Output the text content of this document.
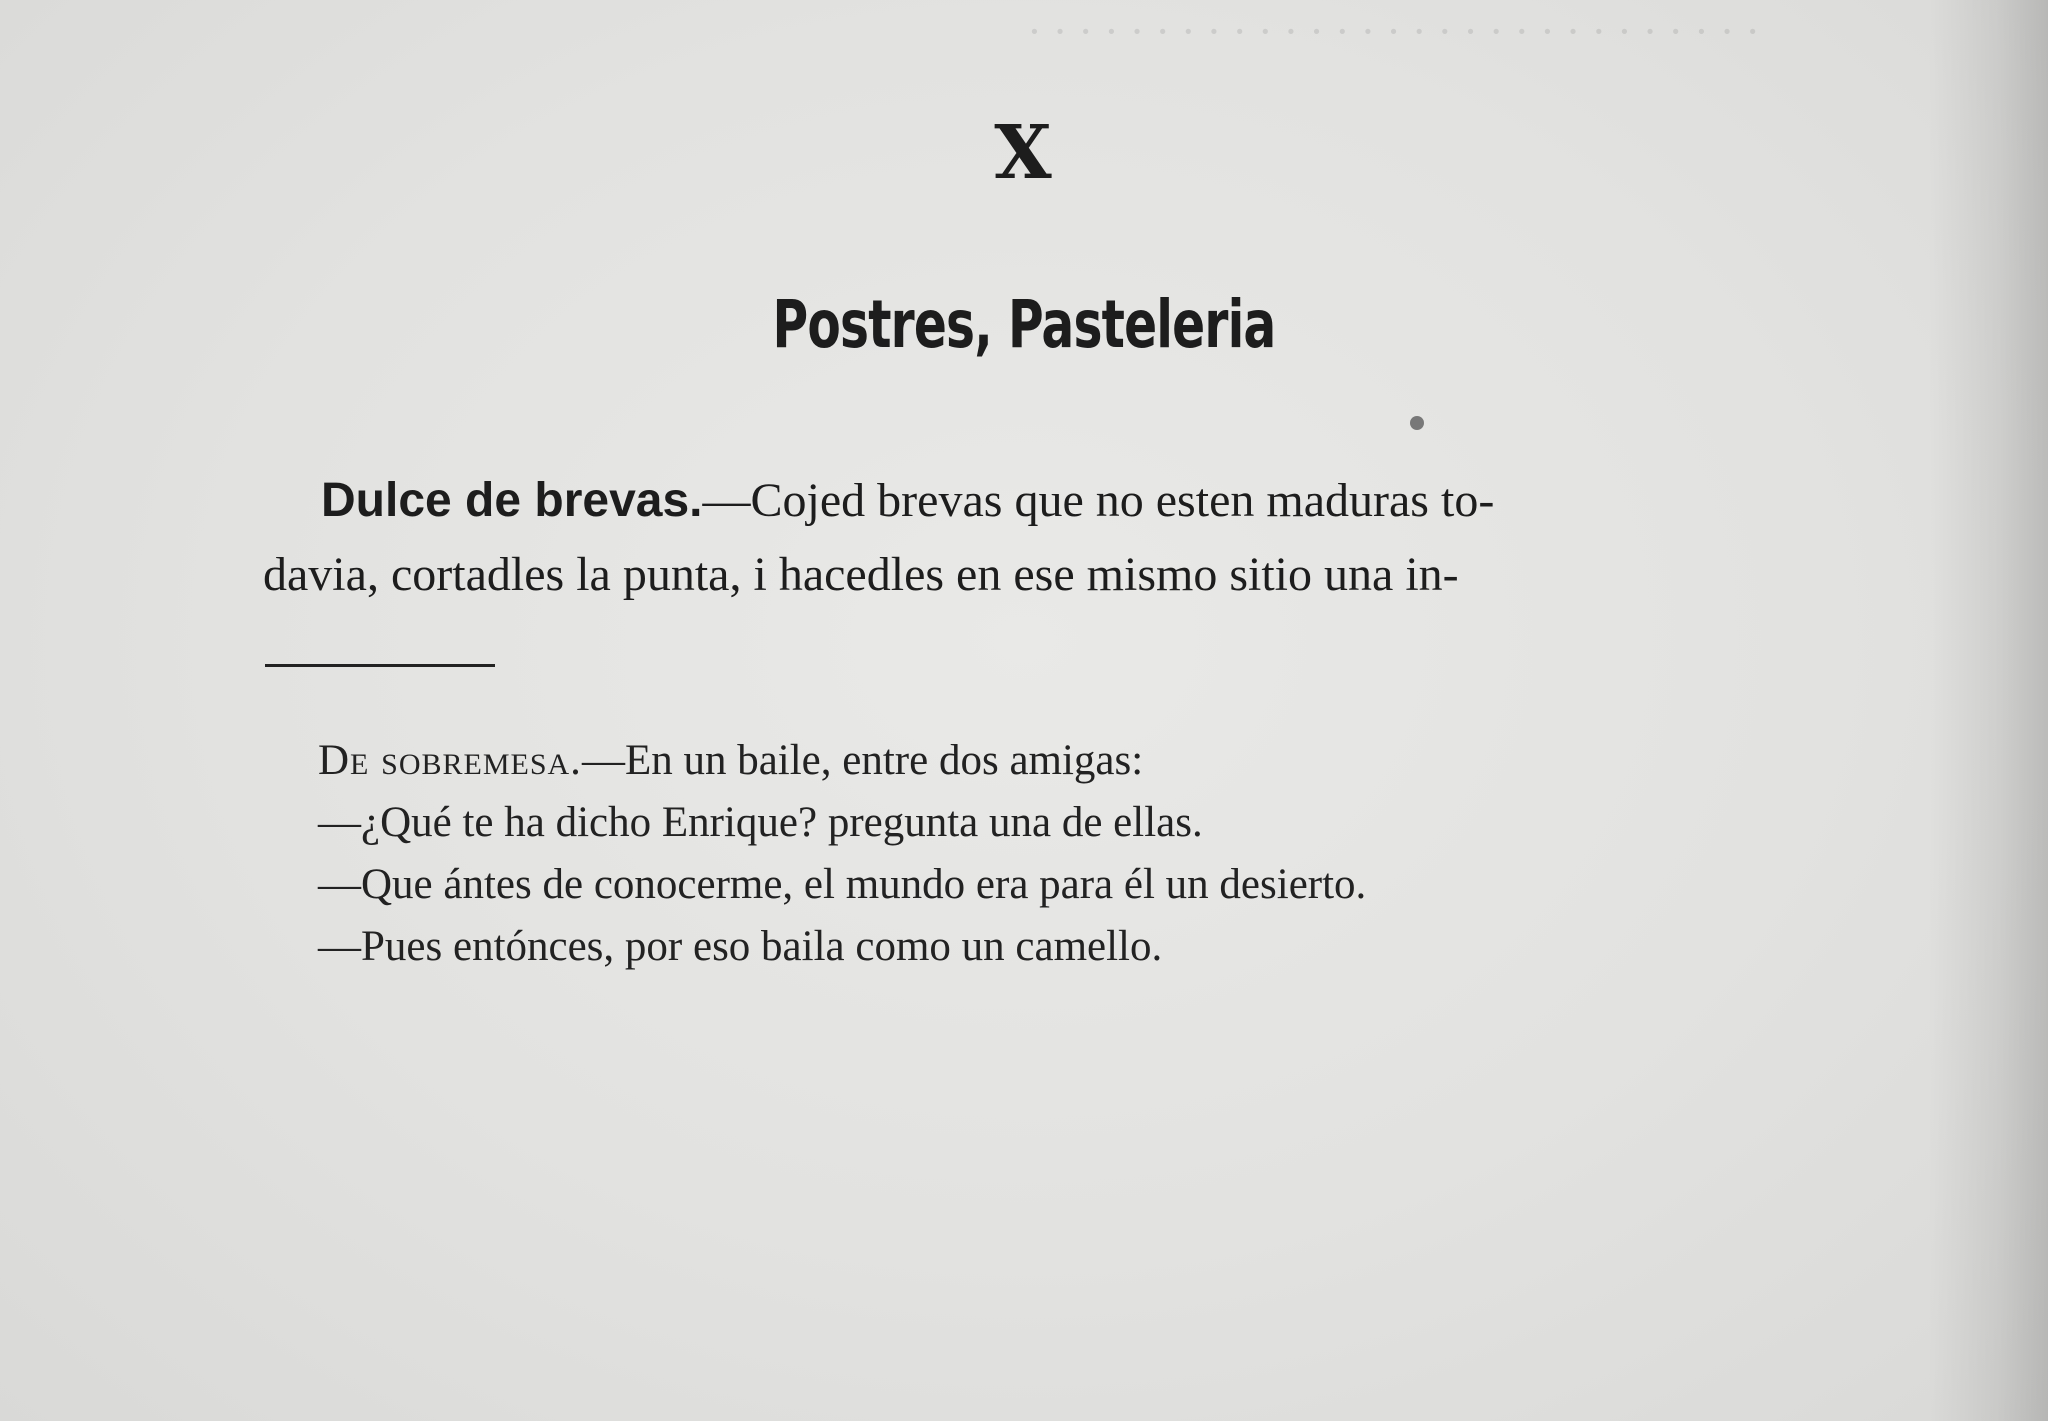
· · · · · · · · · · · · · · · · · · · · · · · · · · · · ·
X
Postres, Pasteleria
Dulce de brevas.—Cojed brevas que no esten maduras to-
davia, cortadles la punta, i hacedles en ese mismo sitio una in-
De sobremesa.—En un baile, entre dos amigas:
—¿Qué te ha dicho Enrique? pregunta una de ellas.
—Que ántes de conocerme, el mundo era para él un desierto.
—Pues entónces, por eso baila como un camello.
